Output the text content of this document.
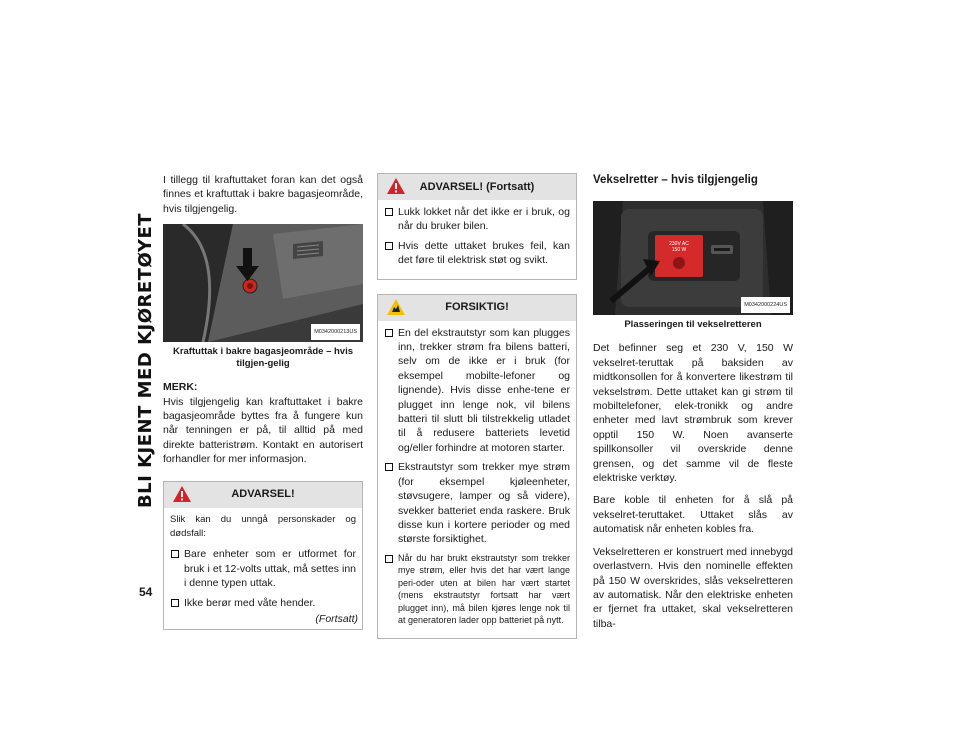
BLI KJENT MED KJØRETØYET
54

I tillegg til kraftuttaket foran kan det også finnes et kraftuttak i bakre bagasjeområde, hvis tilgjengelig.

M0342000213US
Kraftuttak i bakre bagasjeområde – hvis tilgjen-gelig

MERK:

Hvis tilgjengelig kan kraftuttaket i bakre bagasjeområde byttes fra å fungere kun når tenningen er på, til alltid på med direkte batteristrøm. Kontakt en autorisert forhandler for mer informasjon.

ADVARSEL!

Slik kan du unngå personskader og dødsfall:

Bare enheter som er utformet for bruk i et 12-volts uttak, må settes inn i denne typen uttak.
Ikke berør med våte hender.
(Fortsatt)
ADVARSEL! (Fortsatt)
Lukk lokket når det ikke er i bruk, og når du bruker bilen.
Hvis dette uttaket brukes feil, kan det føre til elektrisk støt og svikt.
FORSIKTIG!
En del ekstrautstyr som kan plugges inn, trekker strøm fra bilens batteri, selv om de ikke er i bruk (for eksempel mobilte-lefoner og lignende). Hvis disse enhe-tene er plugget inn lenge nok, vil bilens batteri til slutt bli tilstrekkelig utladet til å redusere batteriets levetid og/eller forhindre at motoren starter.
Ekstrautstyr som trekker mye strøm (for eksempel kjøleenheter, støvsugere, lamper og så videre), svekker batteriet enda raskere. Bruk disse kun i kortere perioder og med største forsiktighet.
Når du har brukt ekstrautstyr som trekker mye strøm, eller hvis det har vært lange peri-oder uten at bilen har vært startet (mens ekstrautstyr fortsatt har vært plugget inn), må bilen kjøres lenge nok til at generatoren lader opp batteriet på nytt.
Vekselretter – hvis tilgjengelig
230V AC
150 W
M0342000224US
Plasseringen til vekselretteren

Det befinner seg et 230 V, 150 W vekselret-teruttak på baksiden av midtkonsollen for å konvertere likestrøm til vekselstrøm. Dette uttaket kan gi strøm til mobiltelefoner, elek-tronikk og andre enheter med lavt strømbruk som krever opptil 150 W. Noen avanserte spillkonsoller vil overskride denne grensen, og det samme vil de fleste elektriske verktøy.

Bare koble til enheten for å slå på vekselret-teruttaket. Uttaket slås av automatisk når enheten kobles fra.

Vekselretteren er konstruert med innebygd overlastvern. Hvis den nominelle effekten på 150 W overskrides, slås vekselretteren av automatisk. Når den elektriske enheten er fjernet fra uttaket, skal vekselretteren tilba-
